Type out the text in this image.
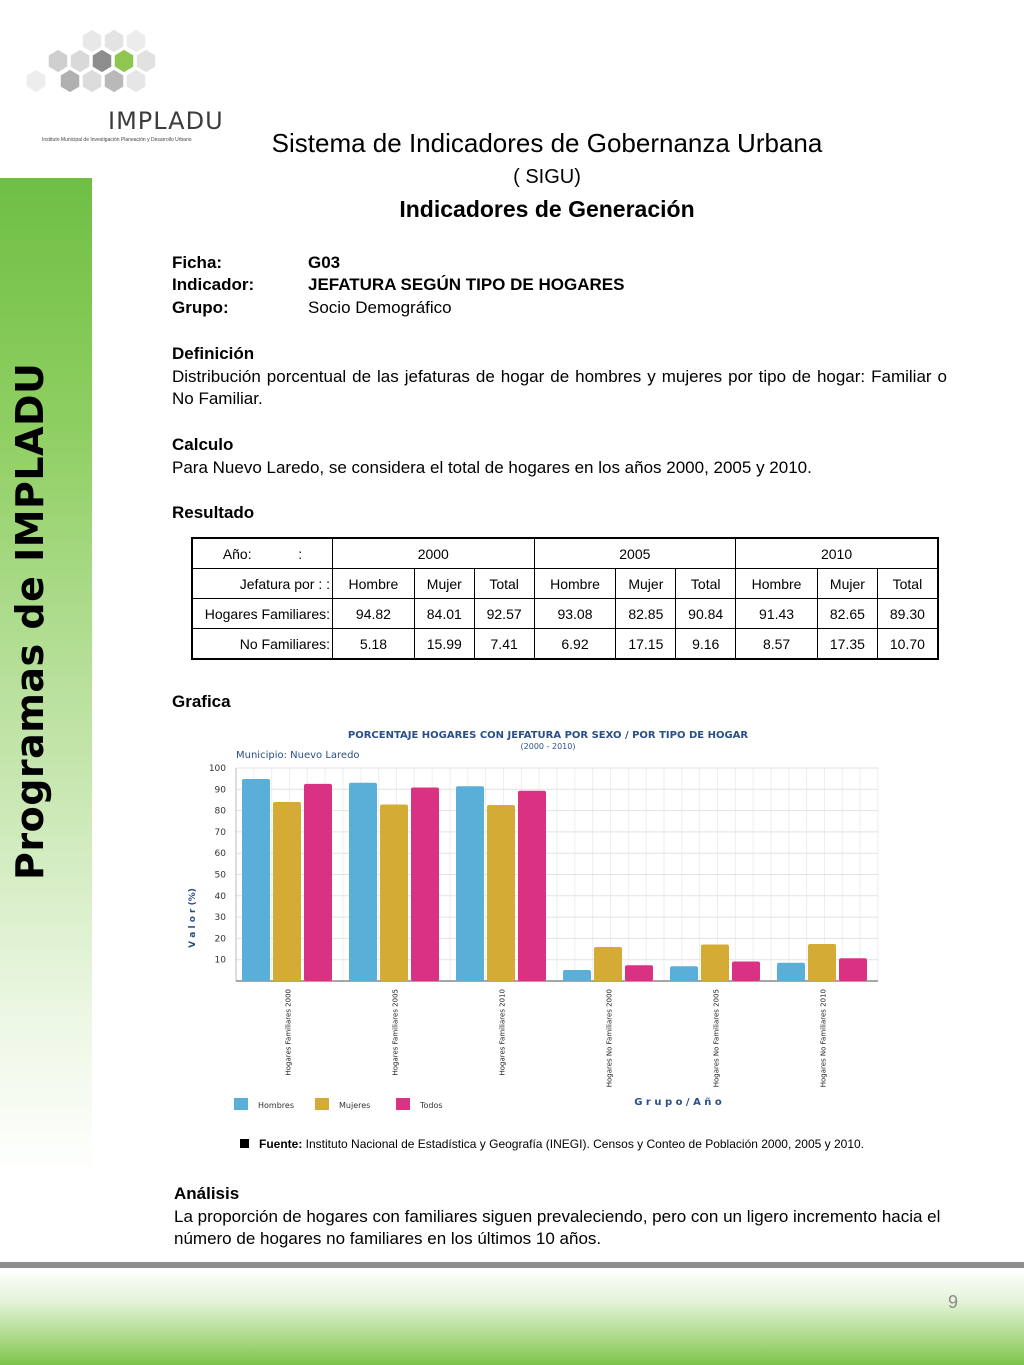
Programas de IMPLADU
9
IMPLADU
Instituto Municipal de Investigación Planeación y Desarrollo Urbano	Sistema de Indicadores de Gobernanza Urbana
( SIGU)
Indicadores de Generación
Ficha:	G03
Indicador:	JEFATURA SEGÚN TIPO DE HOGARES
Grupo:	Socio Demográfico
Definición
Distribución porcentual de las jefaturas de hogar de hombres y mujeres por tipo de hogar: Familiar o No Familiar.
Calculo
Para Nuevo Laredo, se considera el total de hogares en los años 2000, 2005 y 2010.
Resultado
Año:            :	2000			2005			2010		
Jefatura por : :	Hombre	Mujer	Total	Hombre	Mujer	Total	Hombre	Mujer	Total
Hogares Familiares:	94.82	84.01	92.57	93.08	82.85	90.84	91.43	82.65	89.30
No Familiares:	5.18	15.99	7.41	6.92	17.15	9.16	8.57	17.35	10.70
Grafica
PORCENTAJE HOGARES CON JEFATURA POR SEXO / POR TIPO DE HOGAR
(2000 - 2010)
Municipio: Nuevo Laredo
V a l o r (%)
G r u p o / A ñ o
10
20
30
40
50
60
70
80
90
100
Hogares Familiares 2000	Hogares Familiares 2005	Hogares Familiares 2010	Hogares No Familiares 2000	Hogares No Familiares 2005	Hogares No Familiares 2010
Hombres	Mujeres	Todos
Fuente: Instituto Nacional de Estadística y Geografía (INEGI). Censos y Conteo de Población 2000, 2005 y 2010.
Análisis
La proporción de hogares con familiares siguen prevaleciendo, pero con un ligero incremento hacia el número de hogares no familiares en los últimos 10 años.
